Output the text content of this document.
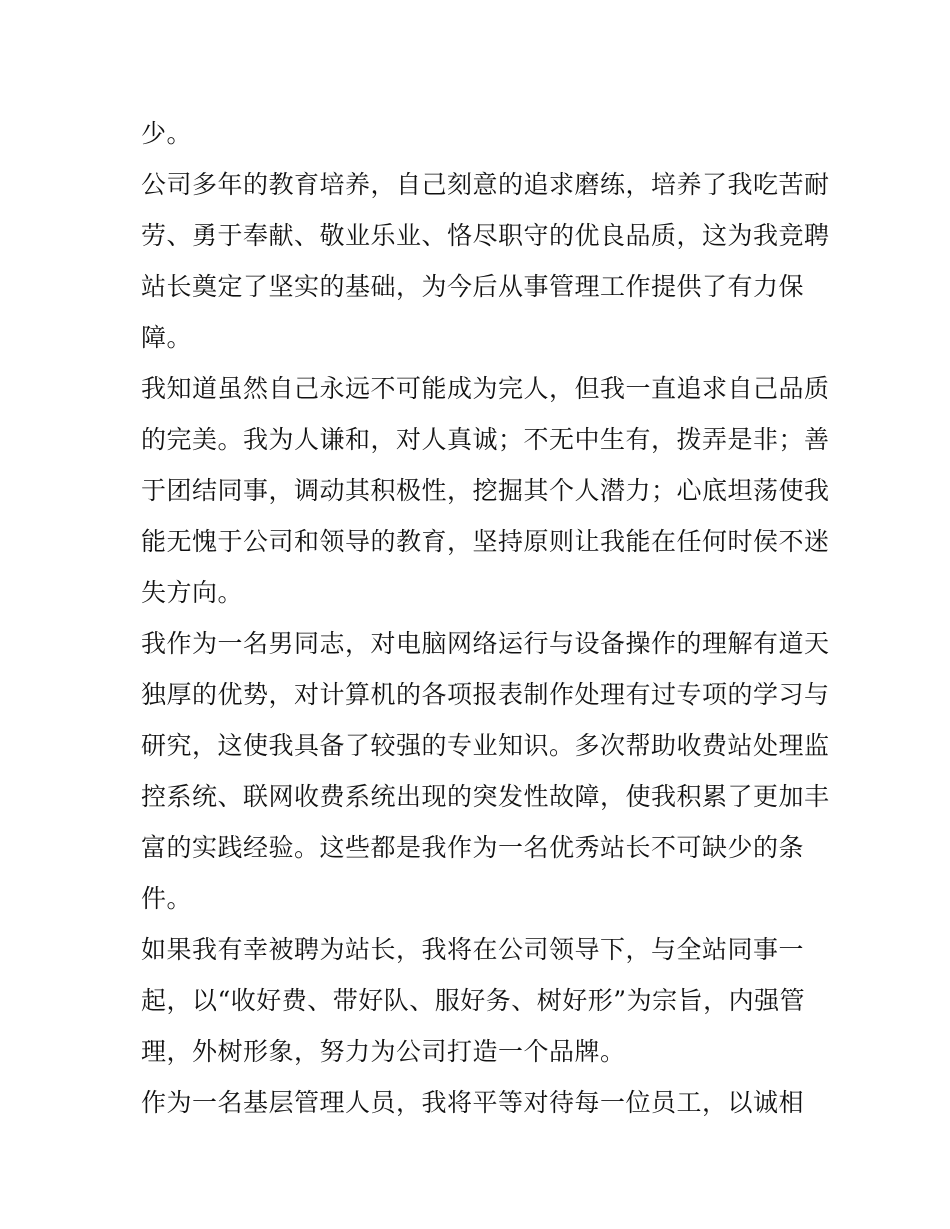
少。
公司多年的教育培养，自己刻意的追求磨练，培养了我吃苦耐
劳、勇于奉献、敬业乐业、恪尽职守的优良品质，这为我竞聘
站长奠定了坚实的基础，为今后从事管理工作提供了有力保
障。
我知道虽然自己永远不可能成为完人，但我一直追求自己品质
的完美。我为人谦和，对人真诚；不无中生有，拨弄是非；善
于团结同事，调动其积极性，挖掘其个人潜力；心底坦荡使我
能无愧于公司和领导的教育，坚持原则让我能在任何时侯不迷
失方向。
我作为一名男同志，对电脑网络运行与设备操作的理解有道天
独厚的优势，对计算机的各项报表制作处理有过专项的学习与
研究，这使我具备了较强的专业知识。多次帮助收费站处理监
控系统、联网收费系统出现的突发性故障，使我积累了更加丰
富的实践经验。这些都是我作为一名优秀站长不可缺少的条
件。
如果我有幸被聘为站长，我将在公司领导下，与全站同事一
起，以“收好费、带好队、服好务、树好形”为宗旨，内强管
理，外树形象，努力为公司打造一个品牌。
作为一名基层管理人员，我将平等对待每一位员工，以诚相
